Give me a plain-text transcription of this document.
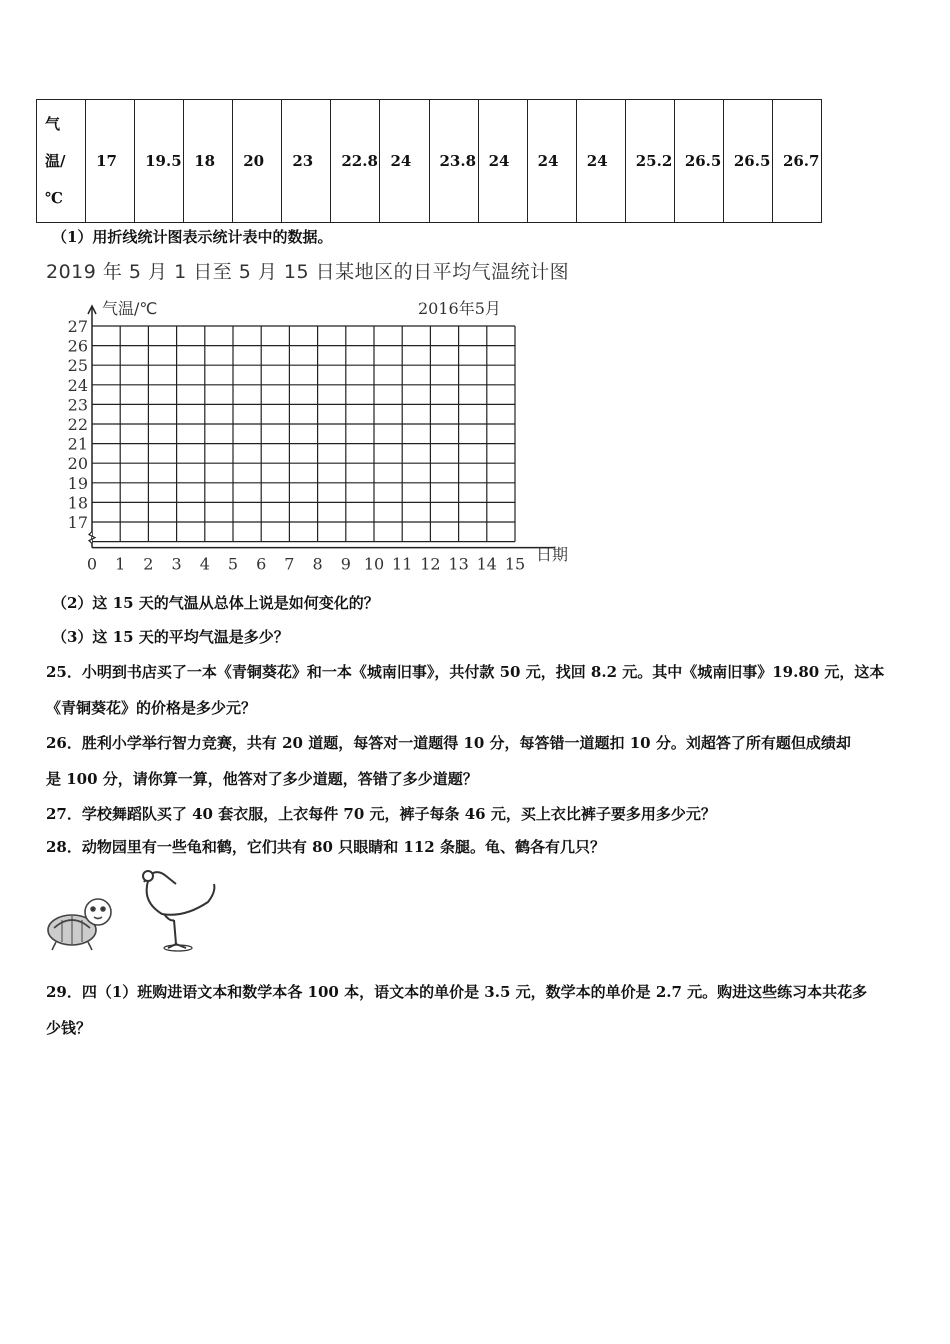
气
温/
℃
	17	19.5	18	20	23	22.8	24	23.8	24	24	24	25.2	26.5	26.5	26.7
（1）用折线统计图表示统计表中的数据。
2019 年 5 月 1 日至 5 月 15 日某地区的日平均气温统计图
气温/℃	2016年5月
17
18
19
20
21
22
23
24
25
26
27
0 1 2 3 4 5 6 7 8 9 10 11 12 13 14 15
日期
（2）这 15 天的气温从总体上说是如何变化的？
（3）这 15 天的平均气温是多少？
25．小明到书店买了一本《青铜葵花》和一本《城南旧事》，共付款 50 元，找回 8.2 元。其中《城南旧事》19.80 元，这本
《青铜葵花》的价格是多少元？
26．胜利小学举行智力竞赛，共有 20 道题，每答对一道题得 10 分，每答错一道题扣 10 分。刘超答了所有题但成绩却
是 100 分，请你算一算，他答对了多少道题，答错了多少道题？
27．学校舞蹈队买了 40 套衣服，上衣每件 70 元，裤子每条 46 元，买上衣比裤子要多用多少元？
28．动物园里有一些龟和鹤，它们共有 80 只眼睛和 112 条腿。龟、鹤各有几只？
29．四（1）班购进语文本和数学本各 100 本，语文本的单价是 3.5 元，数学本的单价是 2.7 元。购进这些练习本共花多
少钱？
